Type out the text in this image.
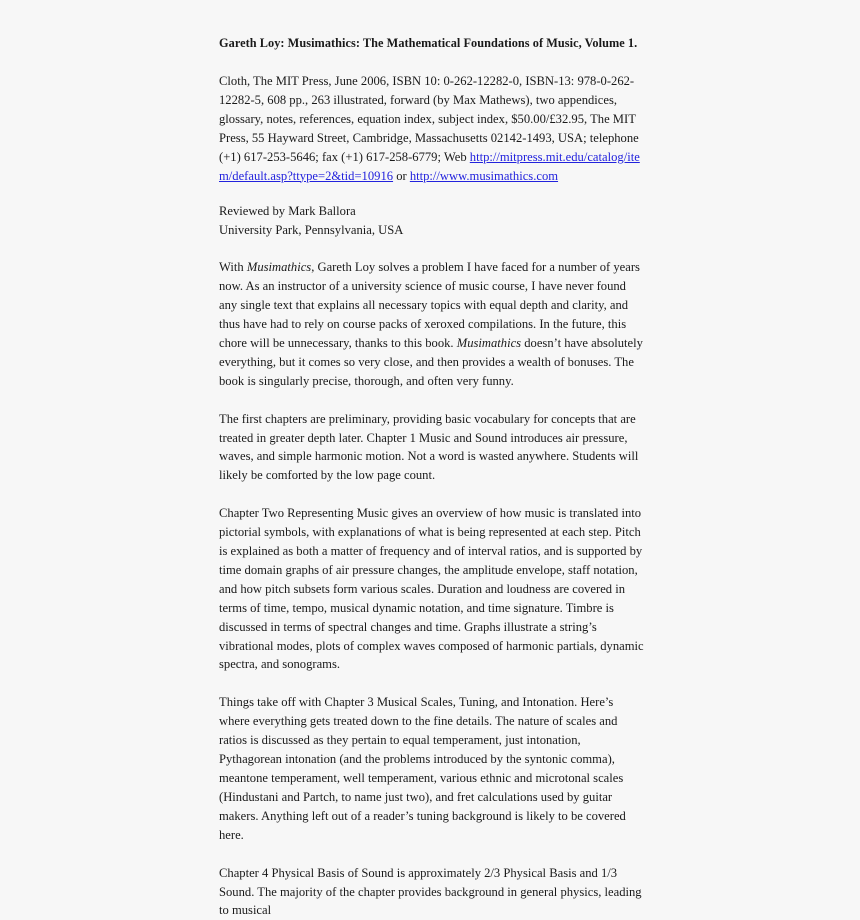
Gareth Loy: Musimathics: The Mathematical Foundations of Music, Volume 1.

Cloth, The MIT Press, June 2006, ISBN 10: 0-262-12282-0, ISBN-13: 978-0-262-12282-5, 608 pp., 263 illustrated, forward (by Max Mathews), two appendices, glossary, notes, references, equation index, subject index, $50.00/£32.95, The MIT Press, 55 Hayward Street, Cambridge, Massachusetts 02142-1493, USA; telephone (+1) 617-253-5646; fax (+1) 617-258-6779; Web http://mitpress.mit.edu/catalog/item/default.asp?ttype=2&tid=10916 or http://www.musimathics.com

Reviewed by Mark Ballora
University Park, Pennsylvania, USA

With Musimathics, Gareth Loy solves a problem I have faced for a number of years now. As an instructor of a university science of music course, I have never found any single text that explains all necessary topics with equal depth and clarity, and thus have had to rely on course packs of xeroxed compilations. In the future, this chore will be unnecessary, thanks to this book. Musimathics doesn’t have absolutely everything, but it comes so very close, and then provides a wealth of bonuses. The book is singularly precise, thorough, and often very funny.

The first chapters are preliminary, providing basic vocabulary for concepts that are treated in greater depth later. Chapter 1 Music and Sound introduces air pressure, waves, and simple harmonic motion. Not a word is wasted anywhere. Students will likely be comforted by the low page count.

Chapter Two Representing Music gives an overview of how music is translated into pictorial symbols, with explanations of what is being represented at each step. Pitch is explained as both a matter of frequency and of interval ratios, and is supported by time domain graphs of air pressure changes, the amplitude envelope, staff notation, and how pitch subsets form various scales. Duration and loudness are covered in terms of time, tempo, musical dynamic notation, and time signature. Timbre is discussed in terms of spectral changes and time. Graphs illustrate a string’s vibrational modes, plots of complex waves composed of harmonic partials, dynamic spectra, and sonograms.

Things take off with Chapter 3 Musical Scales, Tuning, and Intonation. Here’s where everything gets treated down to the fine details. The nature of scales and ratios is discussed as they pertain to equal temperament, just intonation, Pythagorean intonation (and the problems introduced by the syntonic comma), meantone temperament, well temperament, various ethnic and microtonal scales (Hindustani and Partch, to name just two), and fret calculations used by guitar makers. Anything left out of a reader’s tuning background is likely to be covered here.

Chapter 4 Physical Basis of Sound is approximately 2/3 Physical Basis and 1/3 Sound. The majority of the chapter provides background in general physics, leading to musical
